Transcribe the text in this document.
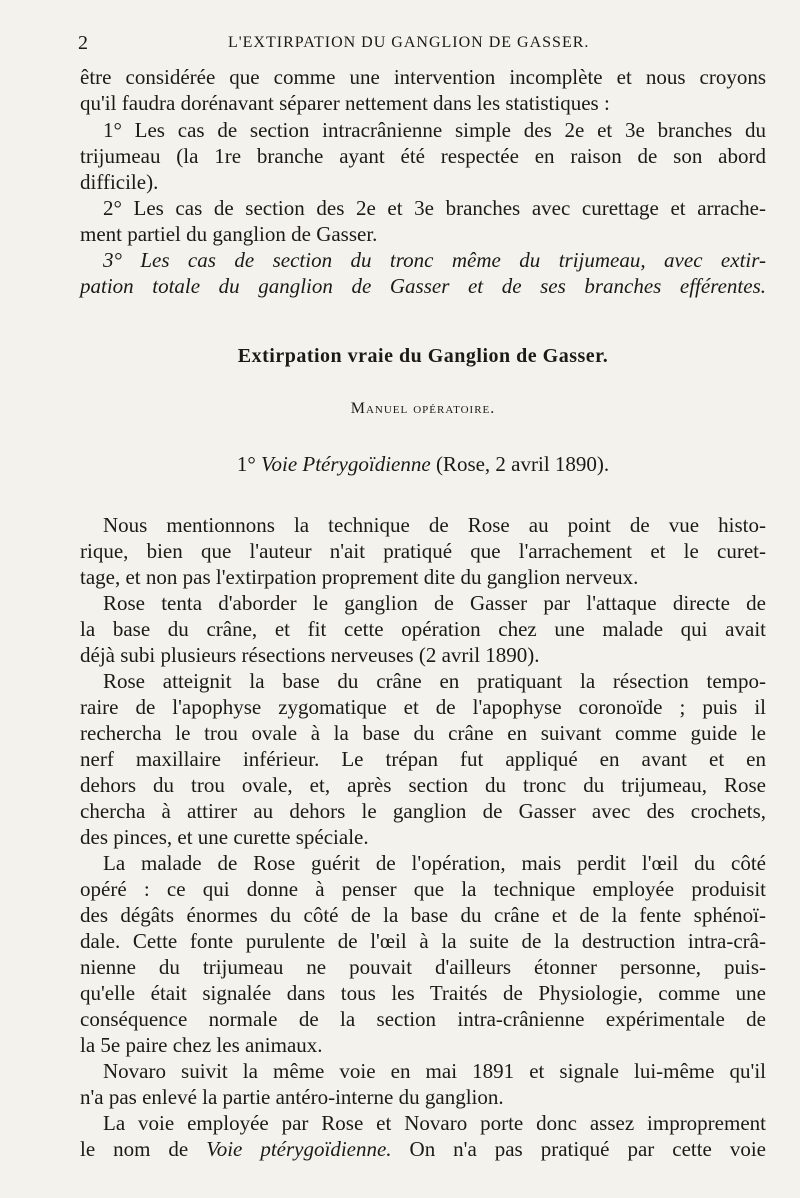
2	L'EXTIRPATION DU GANGLION DE GASSER.
être considérée que comme une intervention incomplète et nous croyons
qu'il faudra dorénavant séparer nettement dans les statistiques :
1° Les cas de section intracrânienne simple des 2e et 3e branches du
trijumeau (la 1re branche ayant été respectée en raison de son abord
difficile).
2° Les cas de section des 2e et 3e branches avec curettage et arrache-
ment partiel du ganglion de Gasser.
3° Les cas de section du tronc même du trijumeau, avec extir-
pation totale du ganglion de Gasser et de ses branches efférentes.
Extirpation vraie du Ganglion de Gasser.
Manuel opératoire.
1° Voie Ptérygoïdienne (Rose, 2 avril 1890).
Nous mentionnons la technique de Rose au point de vue histo-
rique, bien que l'auteur n'ait pratiqué que l'arrachement et le curet-
tage, et non pas l'extirpation proprement dite du ganglion nerveux.
Rose tenta d'aborder le ganglion de Gasser par l'attaque directe de
la base du crâne, et fit cette opération chez une malade qui avait
déjà subi plusieurs résections nerveuses (2 avril 1890).
Rose atteignit la base du crâne en pratiquant la résection tempo-
raire de l'apophyse zygomatique et de l'apophyse coronoïde ; puis il
rechercha le trou ovale à la base du crâne en suivant comme guide le
nerf maxillaire inférieur. Le trépan fut appliqué en avant et en
dehors du trou ovale, et, après section du tronc du trijumeau, Rose
chercha à attirer au dehors le ganglion de Gasser avec des crochets,
des pinces, et une curette spéciale.
La malade de Rose guérit de l'opération, mais perdit l'œil du côté
opéré : ce qui donne à penser que la technique employée produisit
des dégâts énormes du côté de la base du crâne et de la fente sphénoï-
dale. Cette fonte purulente de l'œil à la suite de la destruction intra-crâ-
nienne du trijumeau ne pouvait d'ailleurs étonner personne, puis-
qu'elle était signalée dans tous les Traités de Physiologie, comme une
conséquence normale de la section intra-crânienne expérimentale de
la 5e paire chez les animaux.
Novaro suivit la même voie en mai 1891 et signale lui-même qu'il
n'a pas enlevé la partie antéro-interne du ganglion.
La voie employée par Rose et Novaro porte donc assez improprement
le nom de Voie ptérygoïdienne. On n'a pas pratiqué par cette voie
